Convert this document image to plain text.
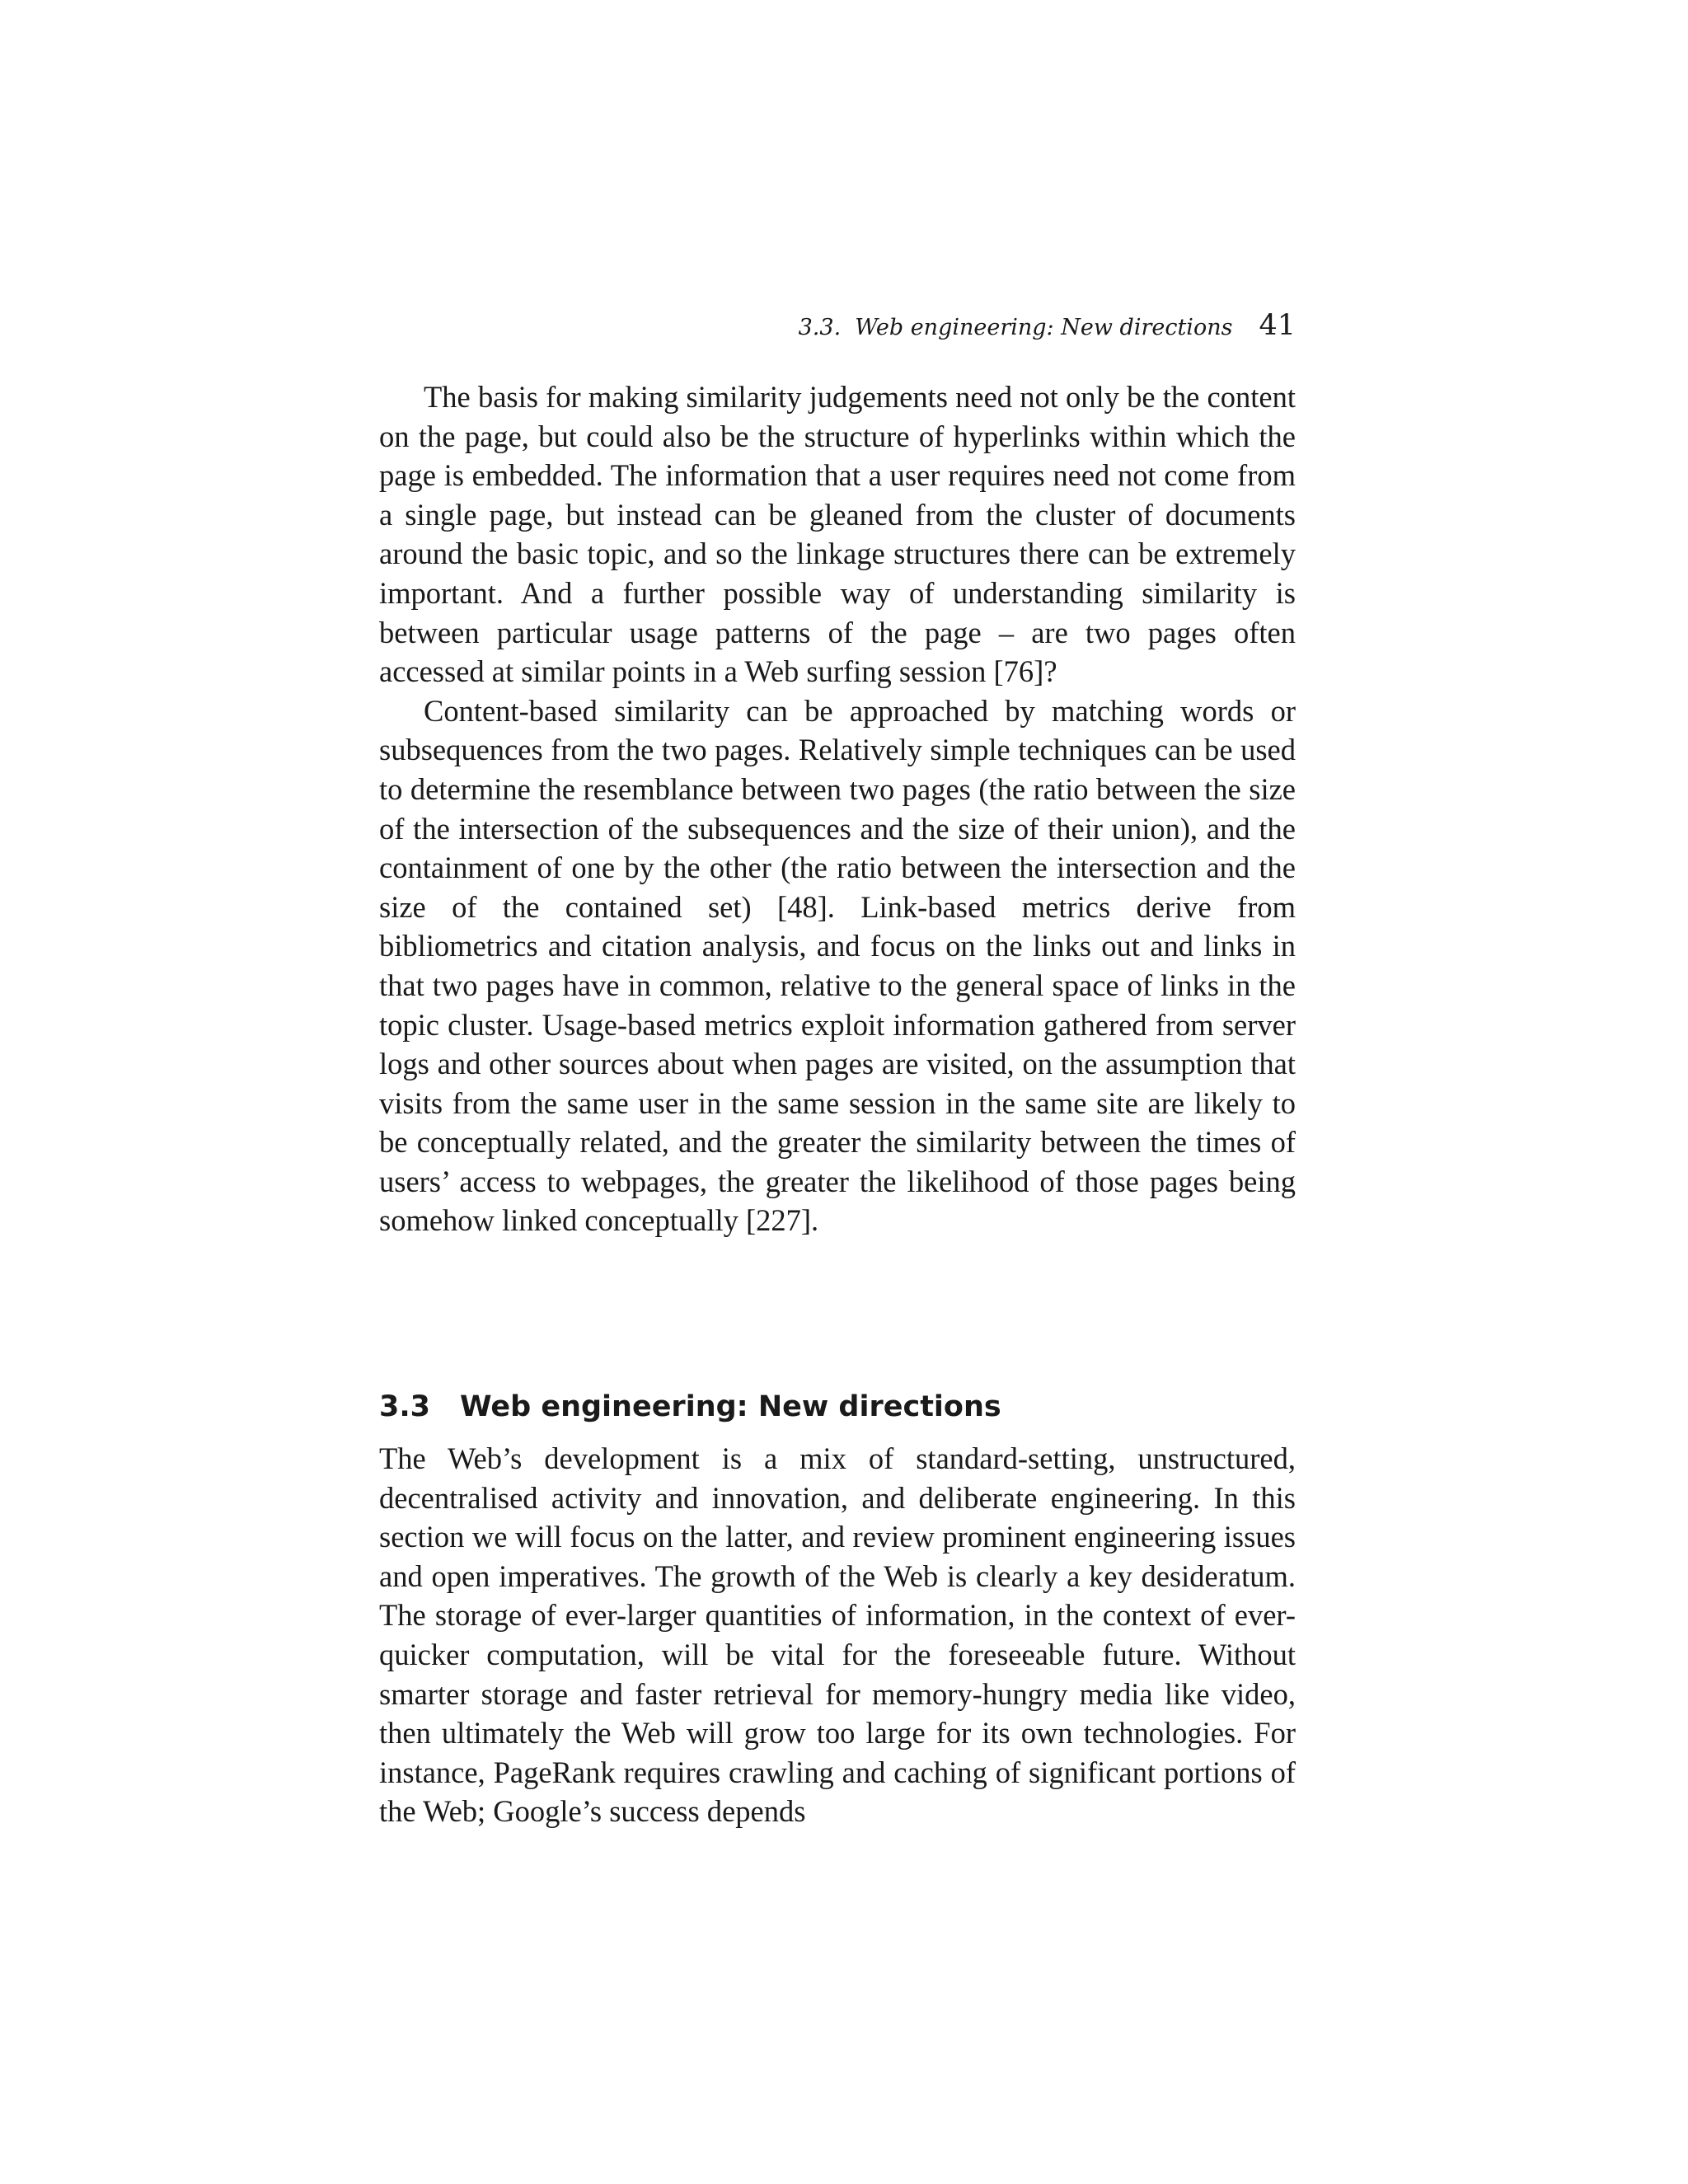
3.3.  Web engineering: New directions 41

The basis for making similarity judgements need not only be the content on the page, but could also be the structure of hyperlinks within which the page is embedded. The information that a user requires need not come from a single page, but instead can be gleaned from the cluster of documents around the basic topic, and so the linkage structures there can be extremely important. And a further possible way of understanding similarity is between particular usage patterns of the page – are two pages often accessed at similar points in a Web surfing session [76]?

Content-based similarity can be approached by matching words or subsequences from the two pages. Relatively simple techniques can be used to determine the resemblance between two pages (the ratio between the size of the intersection of the subsequences and the size of their union), and the containment of one by the other (the ratio between the intersection and the size of the contained set) [48]. Link-based metrics derive from bibliometrics and citation analysis, and focus on the links out and links in that two pages have in common, relative to the general space of links in the topic cluster. Usage-based metrics exploit information gathered from server logs and other sources about when pages are visited, on the assumption that visits from the same user in the same session in the same site are likely to be conceptually related, and the greater the similarity between the times of users’ access to webpages, the greater the likelihood of those pages being somehow linked conceptually [227].

3.3	Web engineering: New directions

The Web’s development is a mix of standard-setting, unstructured, decentralised activity and innovation, and deliberate engineering. In this section we will focus on the latter, and review prominent engineering issues and open imperatives. The growth of the Web is clearly a key desideratum. The storage of ever-larger quantities of information, in the context of ever-quicker computation, will be vital for the foreseeable future. Without smarter storage and faster retrieval for memory-hungry media like video, then ultimately the Web will grow too large for its own technologies. For instance, PageRank requires crawling and caching of significant portions of the Web; Google’s success depends
